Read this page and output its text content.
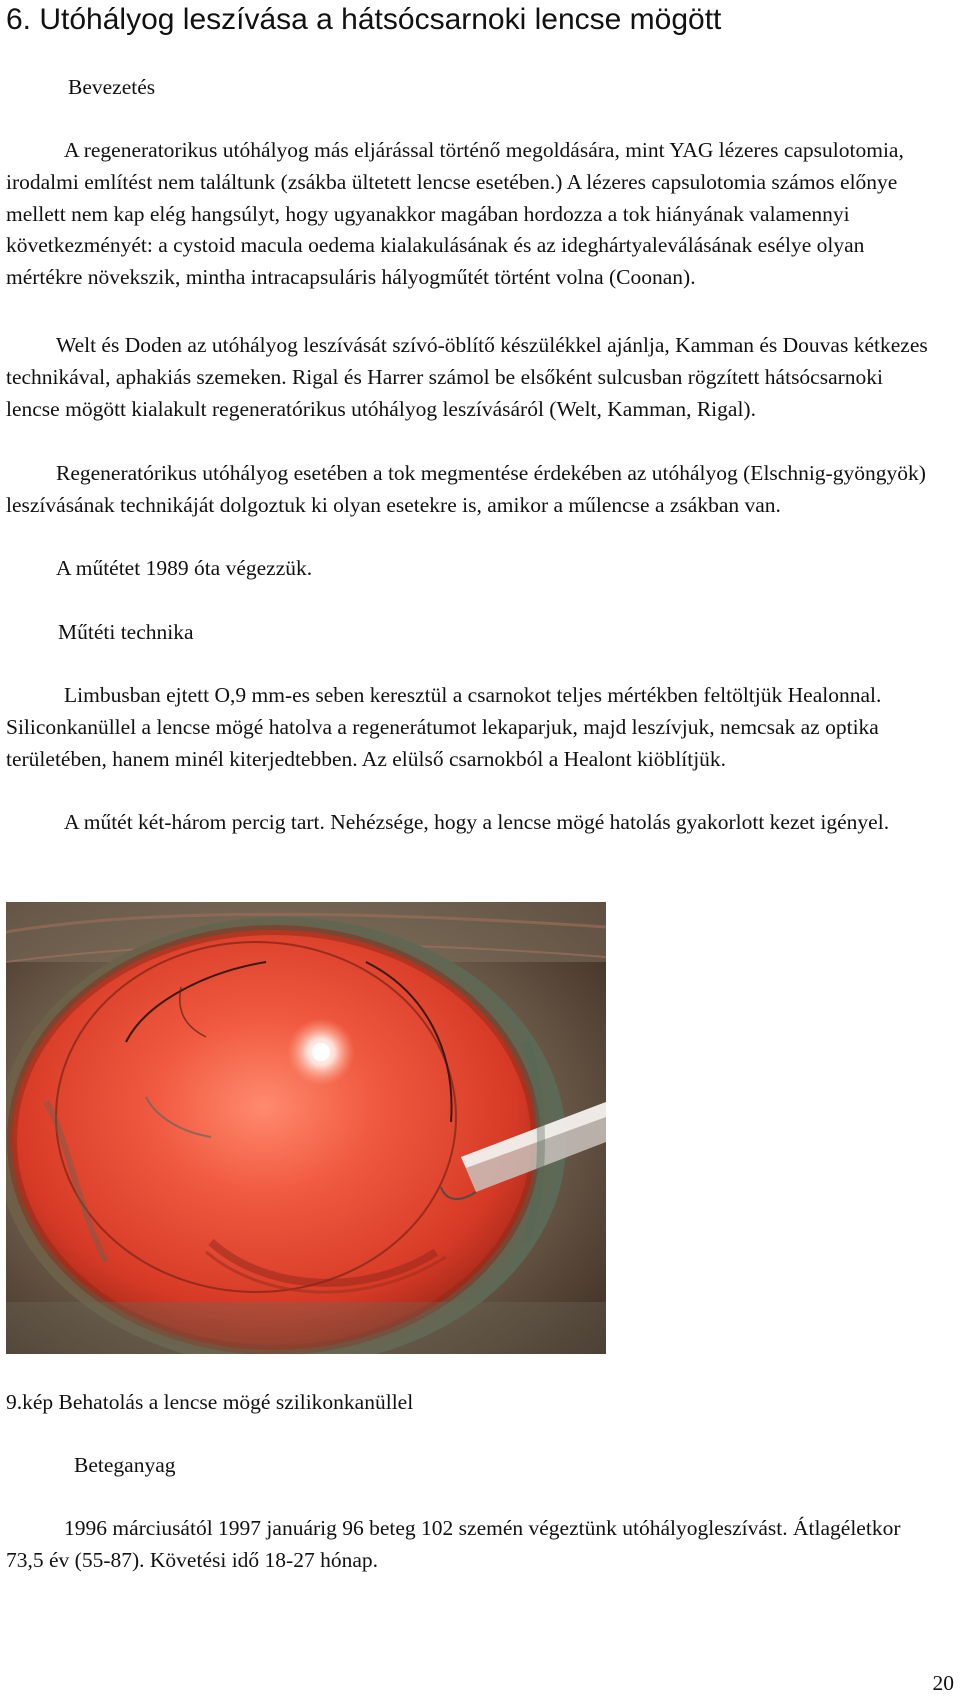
6. Utóhályog leszívása a hátsócsarnoki lencse mögött
Bevezetés

A regeneratorikus utóhályog más eljárással történő megoldására, mint YAG lézeres capsulotomia, irodalmi említést nem találtunk (zsákba ültetett lencse esetében.) A lézeres capsulotomia számos előnye mellett nem kap elég hangsúlyt, hogy ugyanakkor magában hordozza a tok hiányának valamennyi következményét: a cystoid macula oedema kialakulásának és az ideghártyaleválásának esélye olyan mértékre növekszik, mintha intracapsuláris hályogműtét történt volna (Coonan).

Welt és Doden az utóhályog leszívását szívó-öblítő készülékkel ajánlja, Kamman és Douvas kétkezes technikával, aphakiás szemeken. Rigal és Harrer számol be elsőként sulcusban rögzített hátsócsarnoki lencse mögött kialakult regeneratórikus utóhályog leszívásáról (Welt, Kamman, Rigal).

Regeneratórikus utóhályog esetében a tok megmentése érdekében az utóhályog (Elschnig-gyöngyök) leszívásának technikáját dolgoztuk ki olyan esetekre is, amikor a műlencse a zsákban van.

A műtétet 1989 óta végezzük.

Műtéti technika

Limbusban ejtett O,9 mm-es seben keresztül a csarnokot teljes mértékben feltöltjük Healonnal. Siliconkanüllel a lencse mögé hatolva a regenerátumot lekaparjuk, majd leszívjuk, nemcsak az optika területében, hanem minél kiterjedtebben. Az elülső csarnokból a Healont kiöblítjük.

A műtét két-három percig tart. Nehézsége, hogy a lencse mögé hatolás gyakorlott kezet igényel.

9.kép Behatolás a lencse mögé szilikonkanüllel

Beteganyag

1996 márciusától 1997 januárig 96 beteg 102 szemén végeztünk utóhályogleszívást. Átlagéletkor 73,5 év (55-87). Követési idő 18-27 hónap.

20
